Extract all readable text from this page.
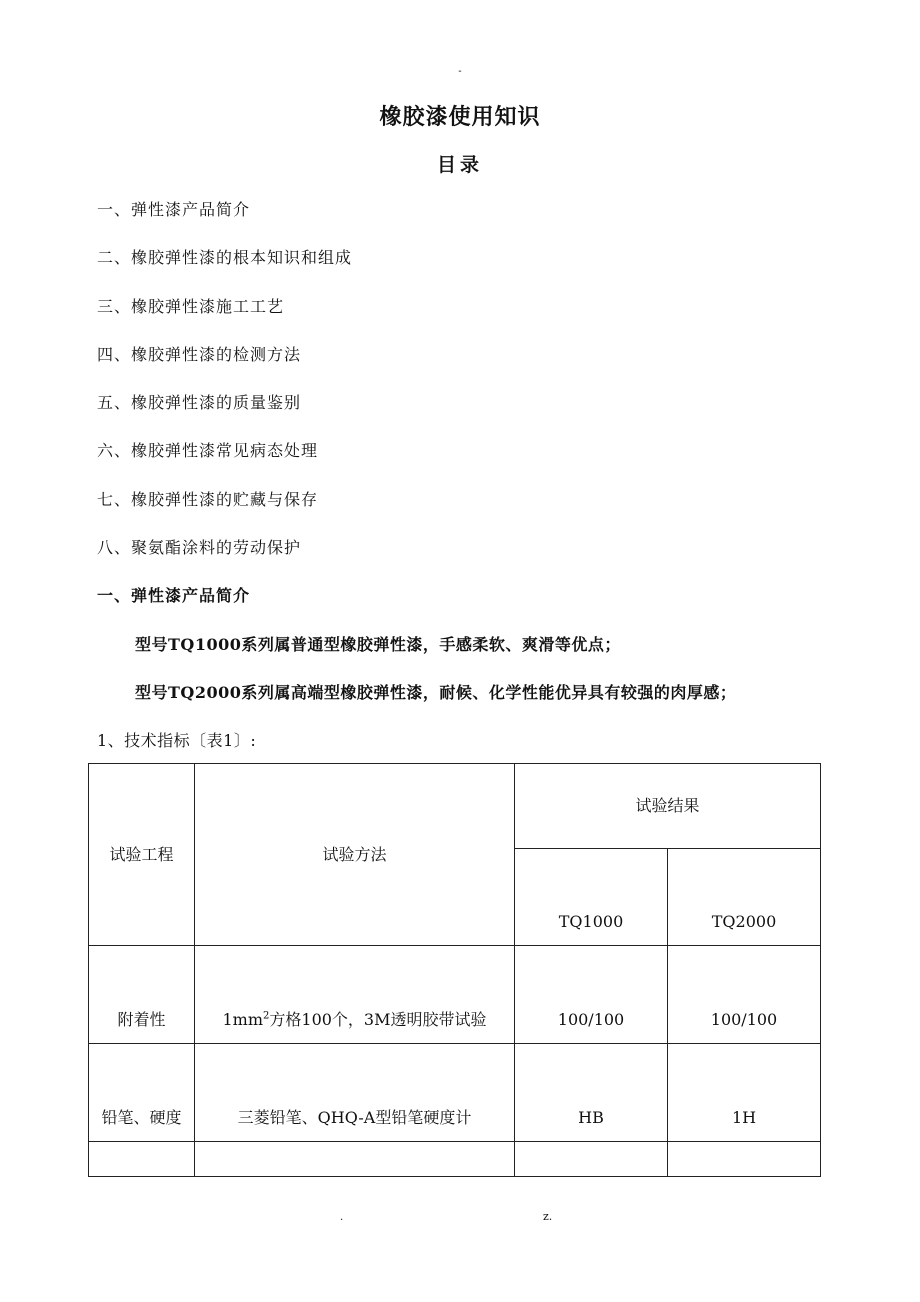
-
橡胶漆使用知识
目录
一、弹性漆产品简介
二、橡胶弹性漆的根本知识和组成
三、橡胶弹性漆施工工艺
四、橡胶弹性漆的检测方法
五、橡胶弹性漆的质量鉴别
六、橡胶弹性漆常见病态处理
七、橡胶弹性漆的贮藏与保存
八、聚氨酯涂料的劳动保护
一、弹性漆产品简介
型号TQ1000系列属普通型橡胶弹性漆，手感柔软、爽滑等优点；
型号TQ2000系列属高端型橡胶弹性漆，耐候、化学性能优异具有较强的肉厚感；
1、技术指标〔表1〕:
试验工程	试验方法	试验结果	
		TQ1000	TQ2000
附着性	$1mm^2$方格100个，3M透明胶带试验	100/100	100/100
铅笔、硬度	三菱铅笔、QHQ-A型铅笔硬度计	HB	1H

.	z.
